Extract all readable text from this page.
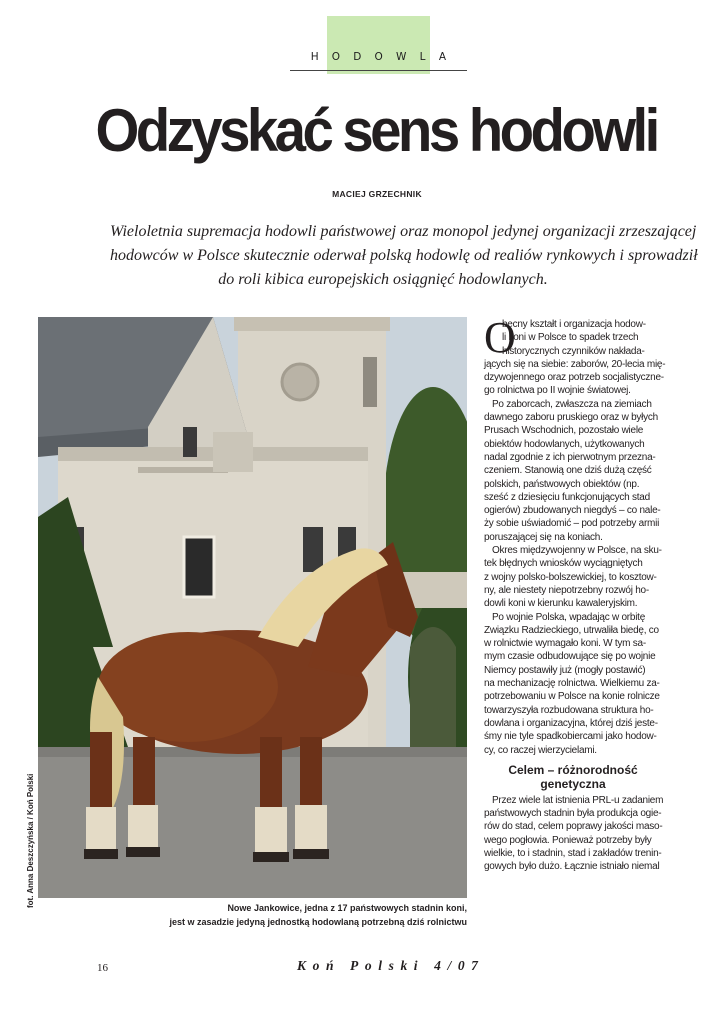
HODOWLA
Odzyskać sens hodowli
MACIEJ GRZECHNIK
Wieloletnia supremacja hodowli państwowej oraz monopol jedynej organizacji zrzeszającej
hodowców w Polsce skutecznie oderwał polską hodowlę od realiów rynkowych i sprowadził
do roli kibica europejskich osiągnięć hodowlanych.
fot. Anna Deszczyńska / Koń Polski	Nowe Jankowice, jedna z 17 państwowych stadnin koni,
jest w zasadzie jedyną jednostką hodowlaną potrzebną dziś rolnictwu
O
becny kształt i organizacja hodow-
li koni w Polsce to spadek trzech
historycznych czynników nakłada-
jących się na siebie: zaborów, 20-lecia mię-
dzywojennego oraz potrzeb socjalistyczne-
go rolnictwa po II wojnie światowej.
Po zaborcach, zwłaszcza na ziemiach
dawnego zaboru pruskiego oraz w byłych
Prusach Wschodnich, pozostało wiele
obiektów hodowlanych, użytkowanych
nadal zgodnie z ich pierwotnym przezna-
czeniem. Stanowią one dziś dużą część
polskich, państwowych obiektów (np.
sześć z dziesięciu funkcjonujących stad
ogierów) zbudowanych niegdyś – co nale-
ży sobie uświadomić – pod potrzeby armii
poruszającej się na koniach.
Okres międzywojenny w Polsce, na sku-
tek błędnych wniosków wyciągniętych
z wojny polsko-bolszewickiej, to kosztow-
ny, ale niestety niepotrzebny rozwój ho-
dowli koni w kierunku kawaleryjskim.
Po wojnie Polska, wpadając w orbitę
Związku Radzieckiego, utrwaliła biedę, co
w rolnictwie wymagało koni. W tym sa-
mym czasie odbudowujące się po wojnie
Niemcy postawiły już (mogły postawić)
na mechanizację rolnictwa. Wielkiemu za-
potrzebowaniu w Polsce na konie rolnicze
towarzyszyła rozbudowana struktura ho-
dowlana i organizacyjna, której dziś jeste-
śmy nie tyle spadkobiercami jako hodow-
cy, co raczej wierzycielami.
Celem – różnorodność
genetyczna
Przez wiele lat istnienia PRL-u zadaniem
państwowych stadnin była produkcja ogie-
rów do stad, celem poprawy jakości maso-
wego pogłowia. Ponieważ potrzeby były
wielkie, to i stadnin, stad i zakładów trenin-
gowych było dużo. Łącznie istniało niemal
16	Koń Polski 4/07
